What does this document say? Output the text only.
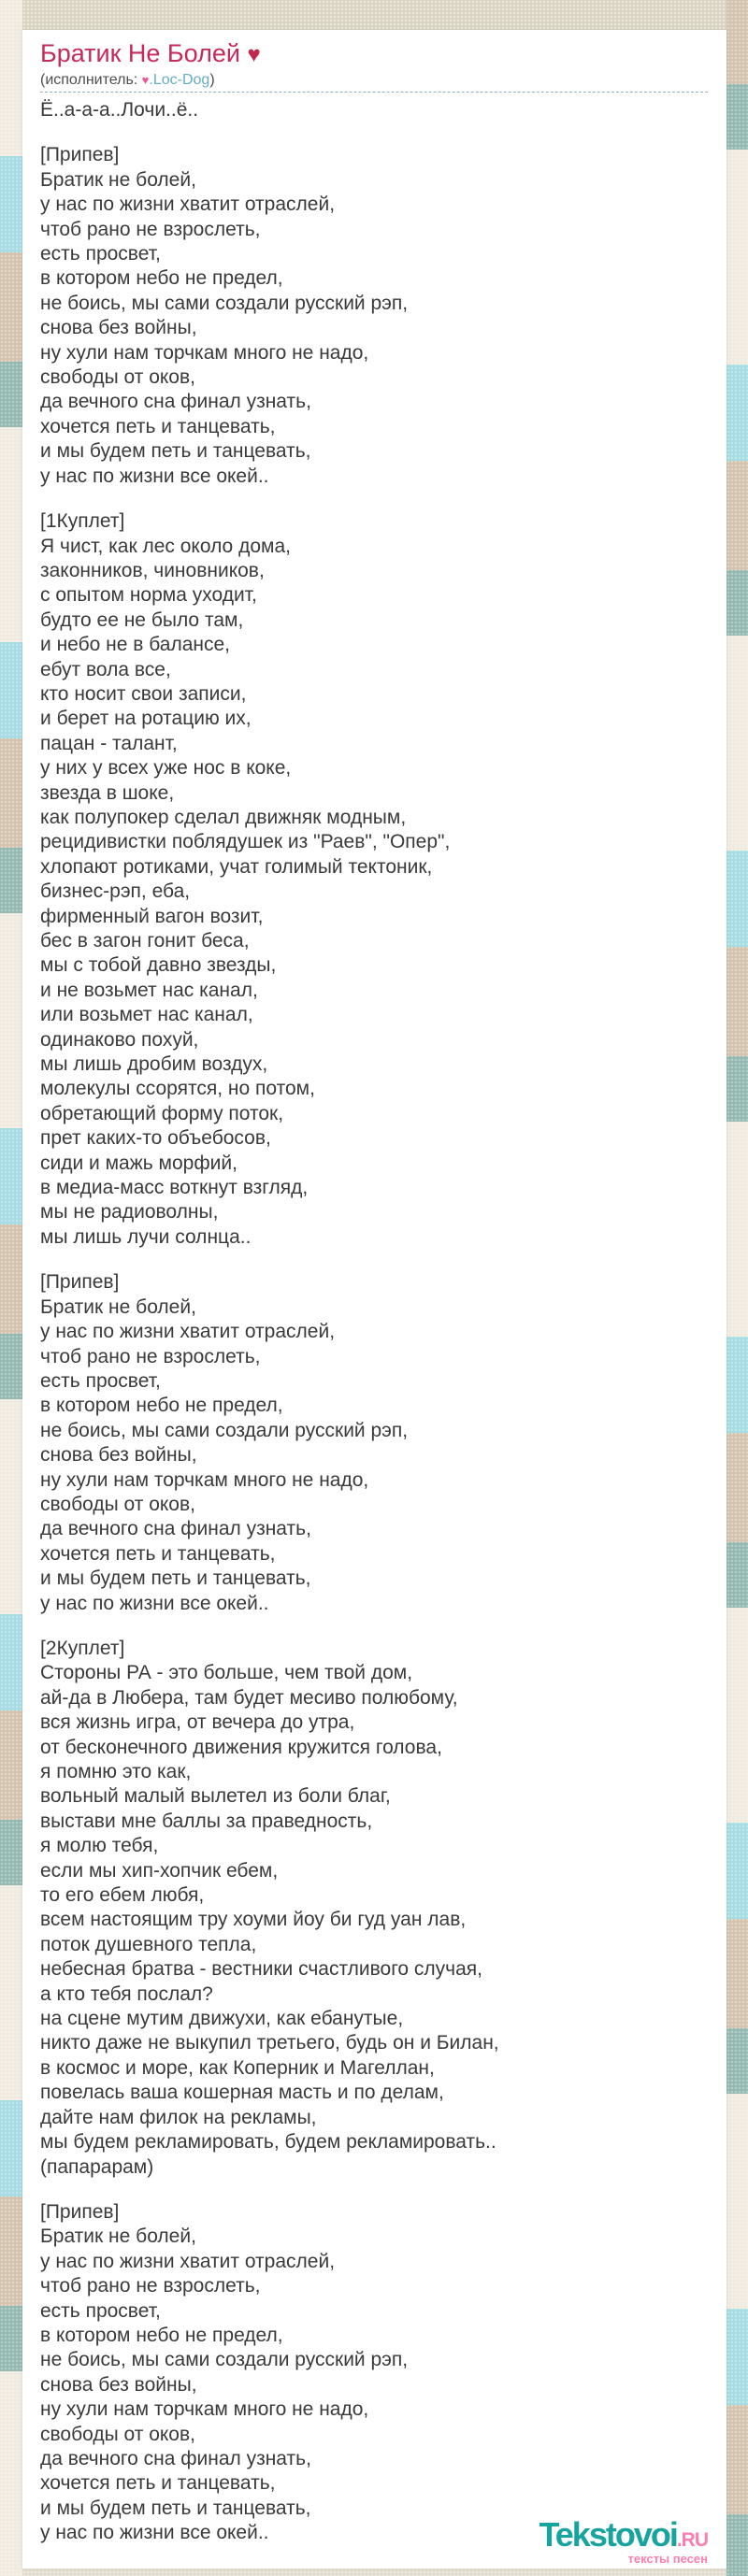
Братик Не Болей ♥
(исполнитель: ♥.Loc-Dog)
Ё..а-а-а..Лочи..ё..
[Припев]
Братик не болей,
у нас по жизни хватит отраслей,
чтоб рано не взрослеть,
есть просвет,
в котором небо не предел,
не боись, мы сами создали русский рэп,
снова без войны,
ну хули нам торчкам много не надо,
свободы от оков,
да вечного сна финал узнать,
хочется петь и танцевать,
и мы будем петь и танцевать,
у нас по жизни все окей..
[1Куплет]
Я чист, как лес около дома,
законников, чиновников,
с опытом норма уходит,
будто ее не было там,
и небо не в балансе,
ебут вола все,
кто носит свои записи,
и берет на ротацию их,
пацан - талант,
у них у всех уже нос в коке,
звезда в шоке,
как полупокер сделал движняк модным,
рецидивистки поблядушек из "Раев", "Опер",
хлопают ротиками, учат голимый тектоник,
бизнес-рэп, еба,
фирменный вагон возит,
бес в загон гонит беса,
мы с тобой давно звезды,
и не возьмет нас канал,
или возьмет нас канал,
одинаково похуй,
мы лишь дробим воздух,
молекулы ссорятся, но потом,
обретающий форму поток,
прет каких-то объебосов,
сиди и мажь морфий,
в медиа-масс воткнут взгляд,
мы не радиоволны,
мы лишь лучи солнца..
[Припев]
Братик не болей,
у нас по жизни хватит отраслей,
чтоб рано не взрослеть,
есть просвет,
в котором небо не предел,
не боись, мы сами создали русский рэп,
снова без войны,
ну хули нам торчкам много не надо,
свободы от оков,
да вечного сна финал узнать,
хочется петь и танцевать,
и мы будем петь и танцевать,
у нас по жизни все окей..
[2Куплет]
Стороны РА - это больше, чем твой дом,
ай-да в Любера, там будет месиво полюбому,
вся жизнь игра, от вечера до утра,
от бесконечного движения кружится голова,
я помню это как,
вольный малый вылетел из боли благ,
выстави мне баллы за праведность,
я молю тебя,
если мы хип-хопчик ебем,
то его ебем любя,
всем настоящим тру хоуми йоу би гуд уан лав,
поток душевного тепла,
небесная братва - вестники счастливого случая,
а кто тебя послал?
на сцене мутим движухи, как ебанутые,
никто даже не выкупил третьего, будь он и Билан,
в космос и море, как Коперник и Магеллан,
повелась ваша кошерная масть и по делам,
дайте нам филок на рекламы,
мы будем рекламировать, будем рекламировать..
(папарарам)
[Припев]
Братик не болей,
у нас по жизни хватит отраслей,
чтоб рано не взрослеть,
есть просвет,
в котором небо не предел,
не боись, мы сами создали русский рэп,
снова без войны,
ну хули нам торчкам много не надо,
свободы от оков,
да вечного сна финал узнать,
хочется петь и танцевать,
и мы будем петь и танцевать,
у нас по жизни все окей..	Tekstovoi.RU
тексты песен
